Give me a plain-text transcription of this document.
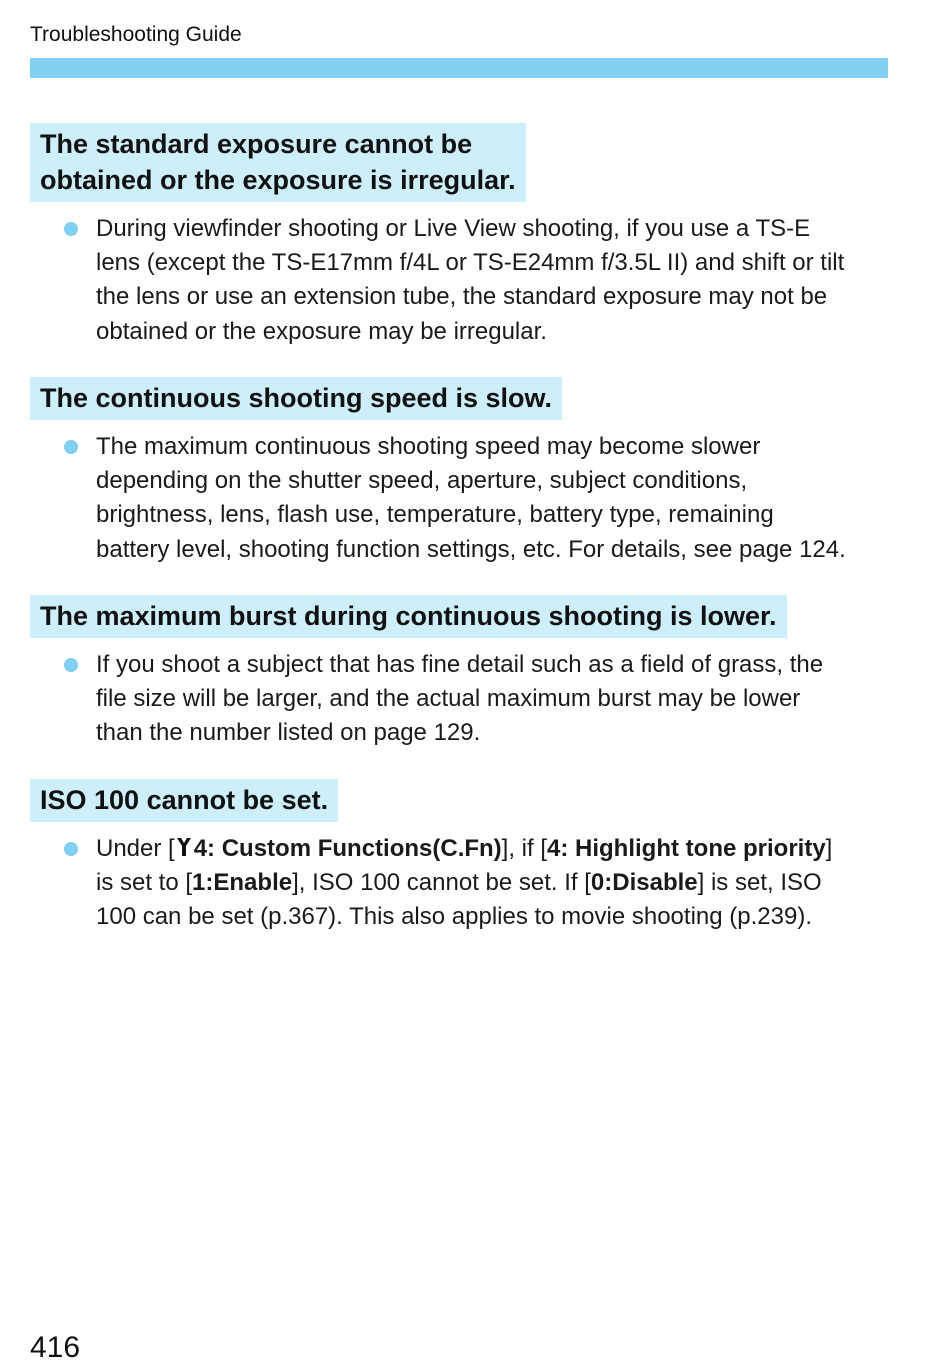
Troubleshooting Guide
The standard exposure cannot be
obtained or the exposure is irregular.
During viewfinder shooting or Live View shooting, if you use a TS-E
lens (except the TS-E17mm f/4L or TS-E24mm f/3.5L II) and shift or tilt
the lens or use an extension tube, the standard exposure may not be
obtained or the exposure may be irregular.
The continuous shooting speed is slow.
The maximum continuous shooting speed may become slower
depending on the shutter speed, aperture, subject conditions,
brightness, lens, flash use, temperature, battery type, remaining
battery level, shooting function settings, etc. For details, see page 124.
The maximum burst during continuous shooting is lower.
If you shoot a subject that has fine detail such as a field of grass, the
file size will be larger, and the actual maximum burst may be lower
than the number listed on page 129.
ISO 100 cannot be set.
Under [ 4: Custom Functions(C.Fn)], if [4: Highlight tone priority]
is set to [1:Enable], ISO 100 cannot be set. If [0:Disable] is set, ISO
100 can be set (p.367). This also applies to movie shooting (p.239).
416
